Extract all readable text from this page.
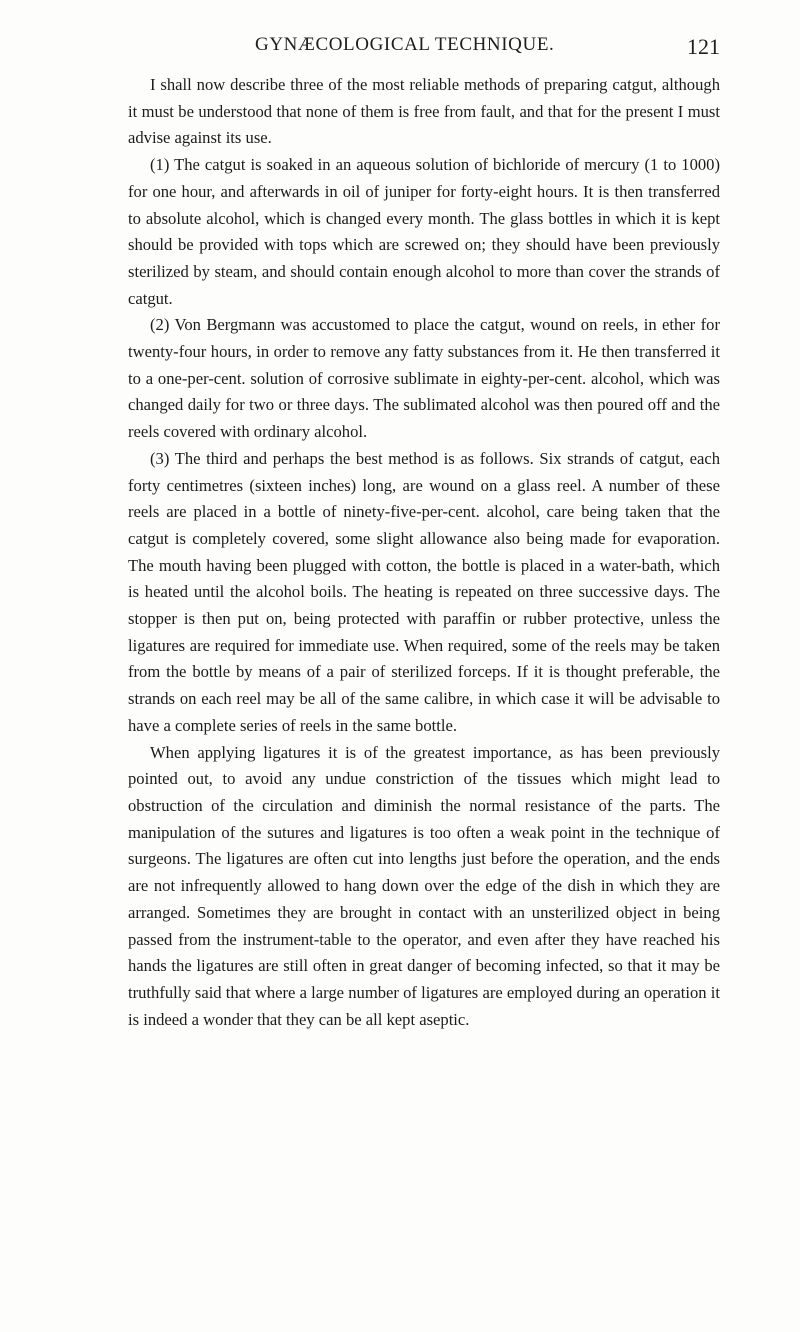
GYNÆCOLOGICAL TECHNIQUE.	121

I shall now describe three of the most reliable methods of preparing catgut, although it must be understood that none of them is free from fault, and that for the present I must advise against its use.

(1) The catgut is soaked in an aqueous solution of bichloride of mercury (1 to 1000) for one hour, and afterwards in oil of juniper for forty-eight hours. It is then transferred to absolute alcohol, which is changed every month. The glass bottles in which it is kept should be provided with tops which are screwed on; they should have been previously sterilized by steam, and should contain enough alcohol to more than cover the strands of catgut.

(2) Von Bergmann was accustomed to place the catgut, wound on reels, in ether for twenty-four hours, in order to remove any fatty substances from it. He then transferred it to a one-per-cent. solution of corrosive sublimate in eighty-per-cent. alcohol, which was changed daily for two or three days. The sublimated alcohol was then poured off and the reels covered with ordinary alcohol.

(3) The third and perhaps the best method is as follows. Six strands of catgut, each forty centimetres (sixteen inches) long, are wound on a glass reel. A number of these reels are placed in a bottle of ninety-five-per-cent. alcohol, care being taken that the catgut is completely covered, some slight allowance also being made for evaporation. The mouth having been plugged with cotton, the bottle is placed in a water-bath, which is heated until the alcohol boils. The heating is repeated on three successive days. The stopper is then put on, being protected with paraffin or rubber protective, unless the ligatures are required for immediate use. When required, some of the reels may be taken from the bottle by means of a pair of sterilized forceps. If it is thought preferable, the strands on each reel may be all of the same calibre, in which case it will be advisable to have a complete series of reels in the same bottle.

When applying ligatures it is of the greatest importance, as has been previously pointed out, to avoid any undue constriction of the tissues which might lead to obstruction of the circulation and diminish the normal resistance of the parts. The manipulation of the sutures and ligatures is too often a weak point in the technique of surgeons. The ligatures are often cut into lengths just before the operation, and the ends are not infrequently allowed to hang down over the edge of the dish in which they are arranged. Sometimes they are brought in contact with an unsterilized object in being passed from the instrument-table to the operator, and even after they have reached his hands the ligatures are still often in great danger of becoming infected, so that it may be truthfully said that where a large number of ligatures are employed during an operation it is indeed a wonder that they can be all kept aseptic.
